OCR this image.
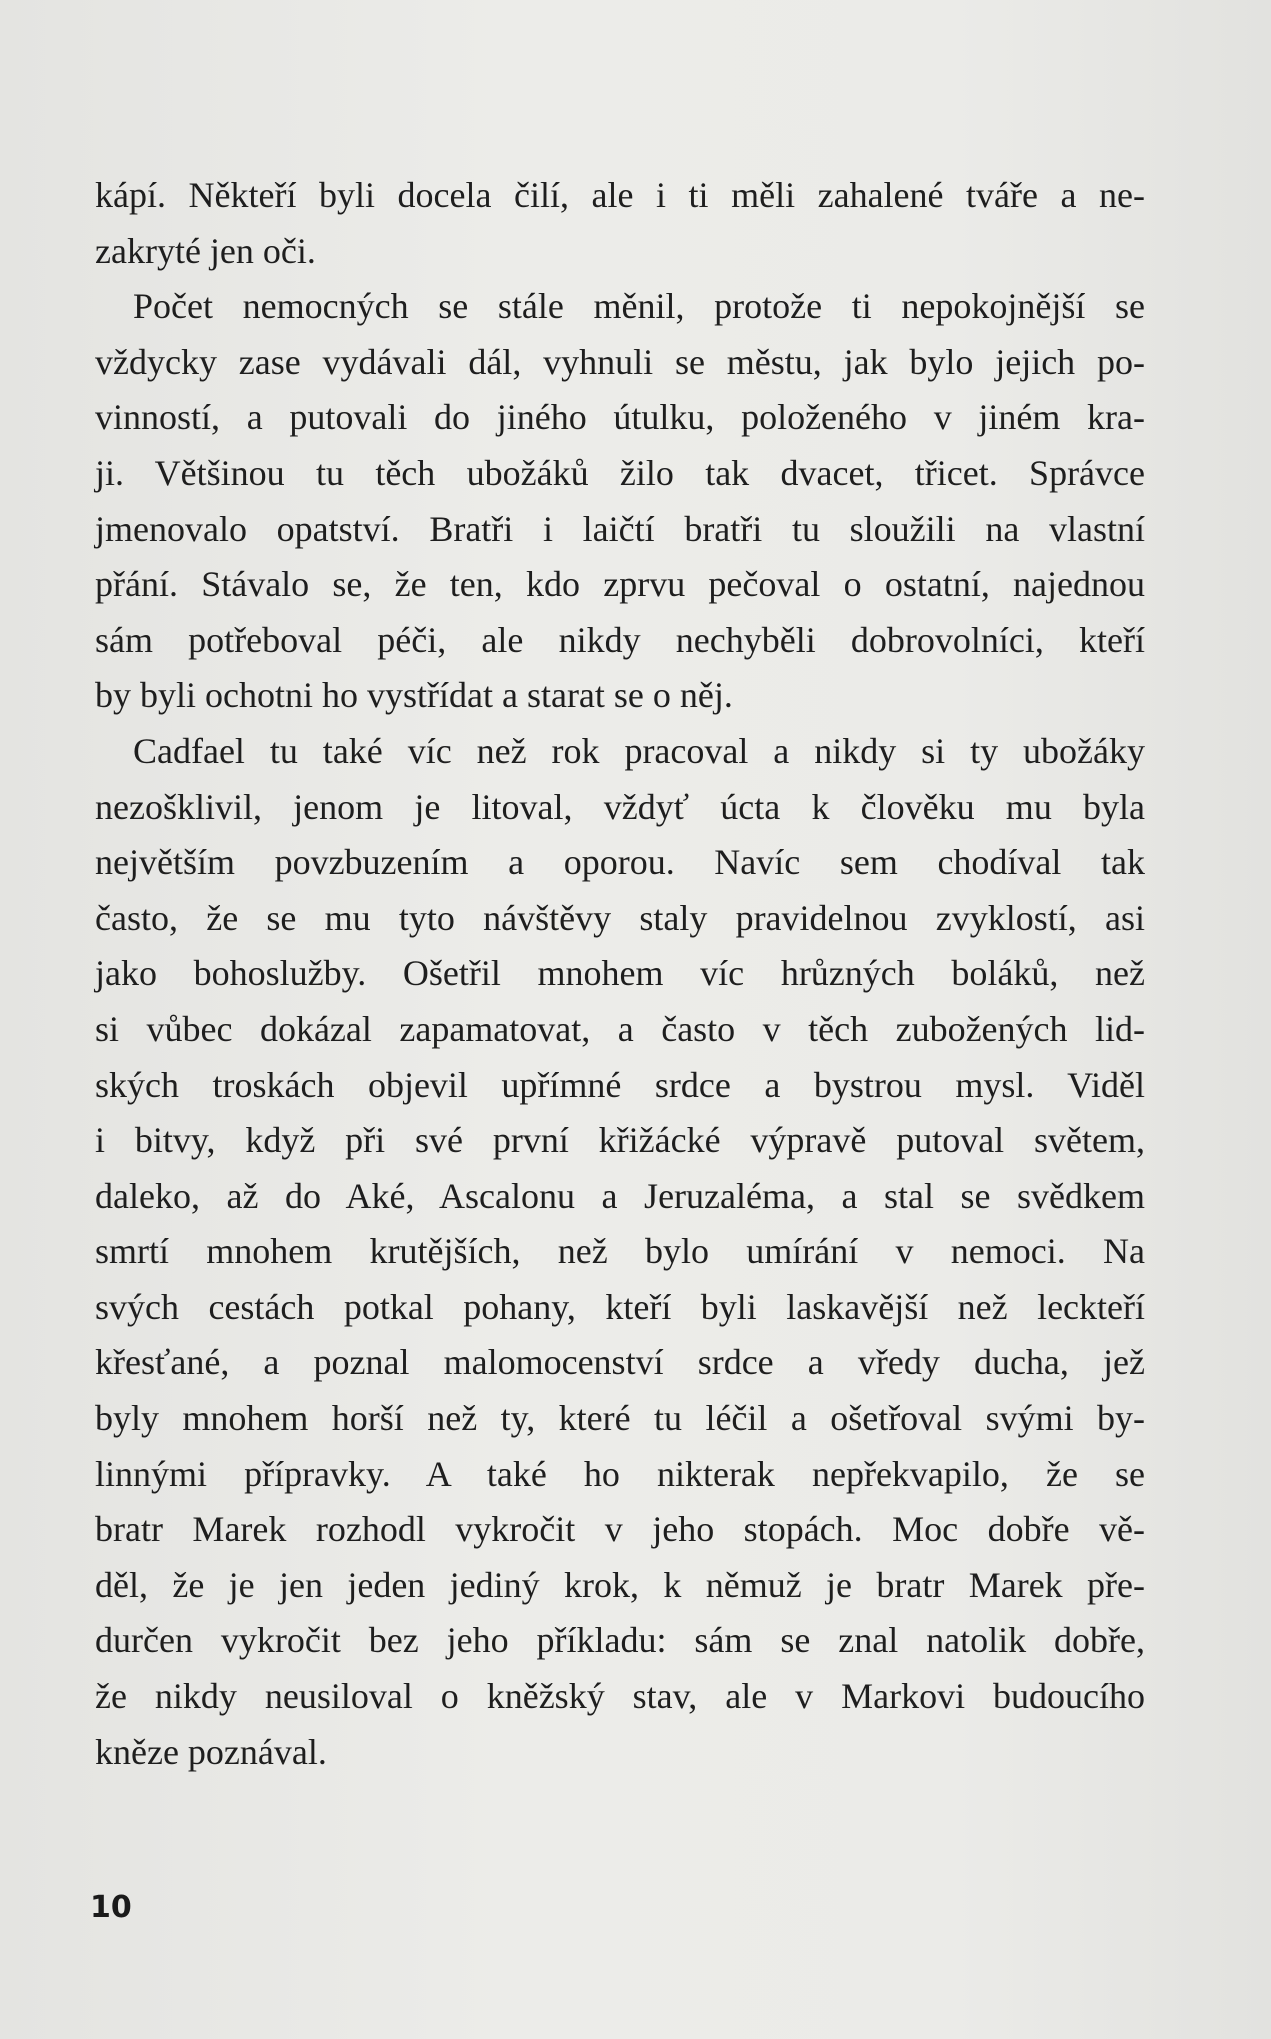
kápí. Někteří byli docela čilí, ale i ti měli zahalené tváře a ne-
zakryté jen oči.
Počet nemocných se stále měnil, protože ti nepokojnější se
vždycky zase vydávali dál, vyhnuli se městu, jak bylo jejich po-
vinností, a putovali do jiného útulku, položeného v jiném kra-
ji. Většinou tu těch ubožáků žilo tak dvacet, třicet. Správce
jmenovalo opatství. Bratři i laičtí bratři tu sloužili na vlastní
přání. Stávalo se, že ten, kdo zprvu pečoval o ostatní, najednou
sám potřeboval péči, ale nikdy nechyběli dobrovolníci, kteří
by byli ochotni ho vystřídat a starat se o něj.
Cadfael tu také víc než rok pracoval a nikdy si ty ubožáky
nezošklivil, jenom je litoval, vždyť úcta k člověku mu byla
největším povzbuzením a oporou. Navíc sem chodíval tak
často, že se mu tyto návštěvy staly pravidelnou zvyklostí, asi
jako bohoslužby. Ošetřil mnohem víc hrůzných boláků, než
si vůbec dokázal zapamatovat, a často v těch zubožených lid-
ských troskách objevil upřímné srdce a bystrou mysl. Viděl
i bitvy, když při své první křižácké výpravě putoval světem,
daleko, až do Aké, Ascalonu a Jeruzaléma, a stal se svědkem
smrtí mnohem krutějších, než bylo umírání v nemoci. Na
svých cestách potkal pohany, kteří byli laskavější než leckteří
křesťané, a poznal malomocenství srdce a vředy ducha, jež
byly mnohem horší než ty, které tu léčil a ošetřoval svými by-
linnými přípravky. A také ho nikterak nepřekvapilo, že se
bratr Marek rozhodl vykročit v jeho stopách. Moc dobře vě-
děl, že je jen jeden jediný krok, k němuž je bratr Marek pře-
durčen vykročit bez jeho příkladu: sám se znal natolik dobře,
že nikdy neusiloval o kněžský stav, ale v Markovi budoucího
kněze poznával.
10
